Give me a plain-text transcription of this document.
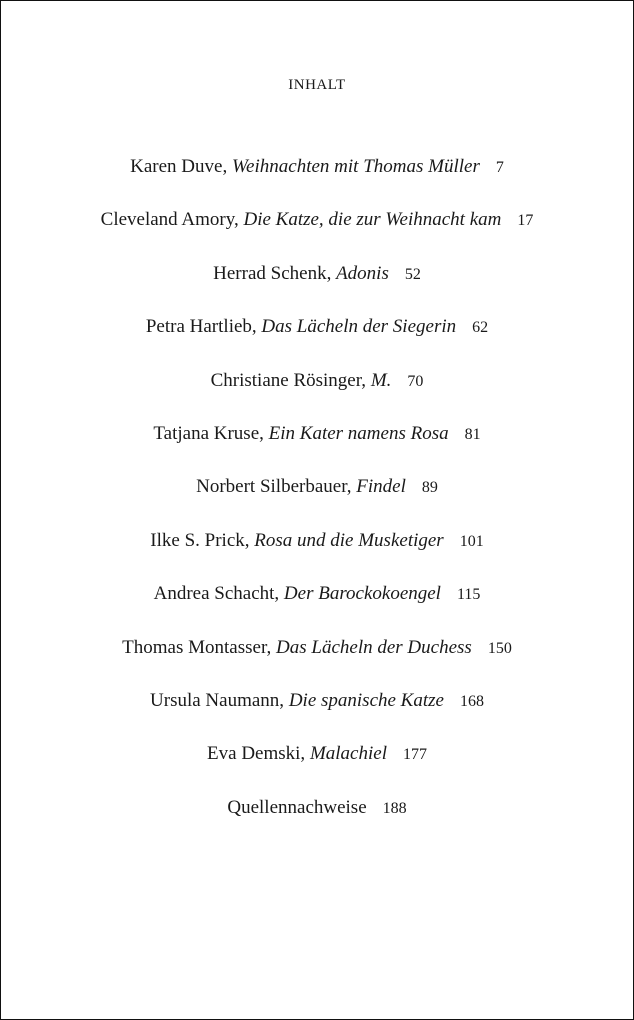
INHALT
Karen Duve, Weihnachten mit Thomas Müller 7
Cleveland Amory, Die Katze, die zur Weihnacht kam 17
Herrad Schenk, Adonis 52
Petra Hartlieb, Das Lächeln der Siegerin 62
Christiane Rösinger, M. 70
Tatjana Kruse, Ein Kater namens Rosa 81
Norbert Silberbauer, Findel 89
Ilke S. Prick, Rosa und die Musketiger 101
Andrea Schacht, Der Barockokoengel 115
Thomas Montasser, Das Lächeln der Duchess 150
Ursula Naumann, Die spanische Katze 168
Eva Demski, Malachiel 177
Quellennachweise 188
